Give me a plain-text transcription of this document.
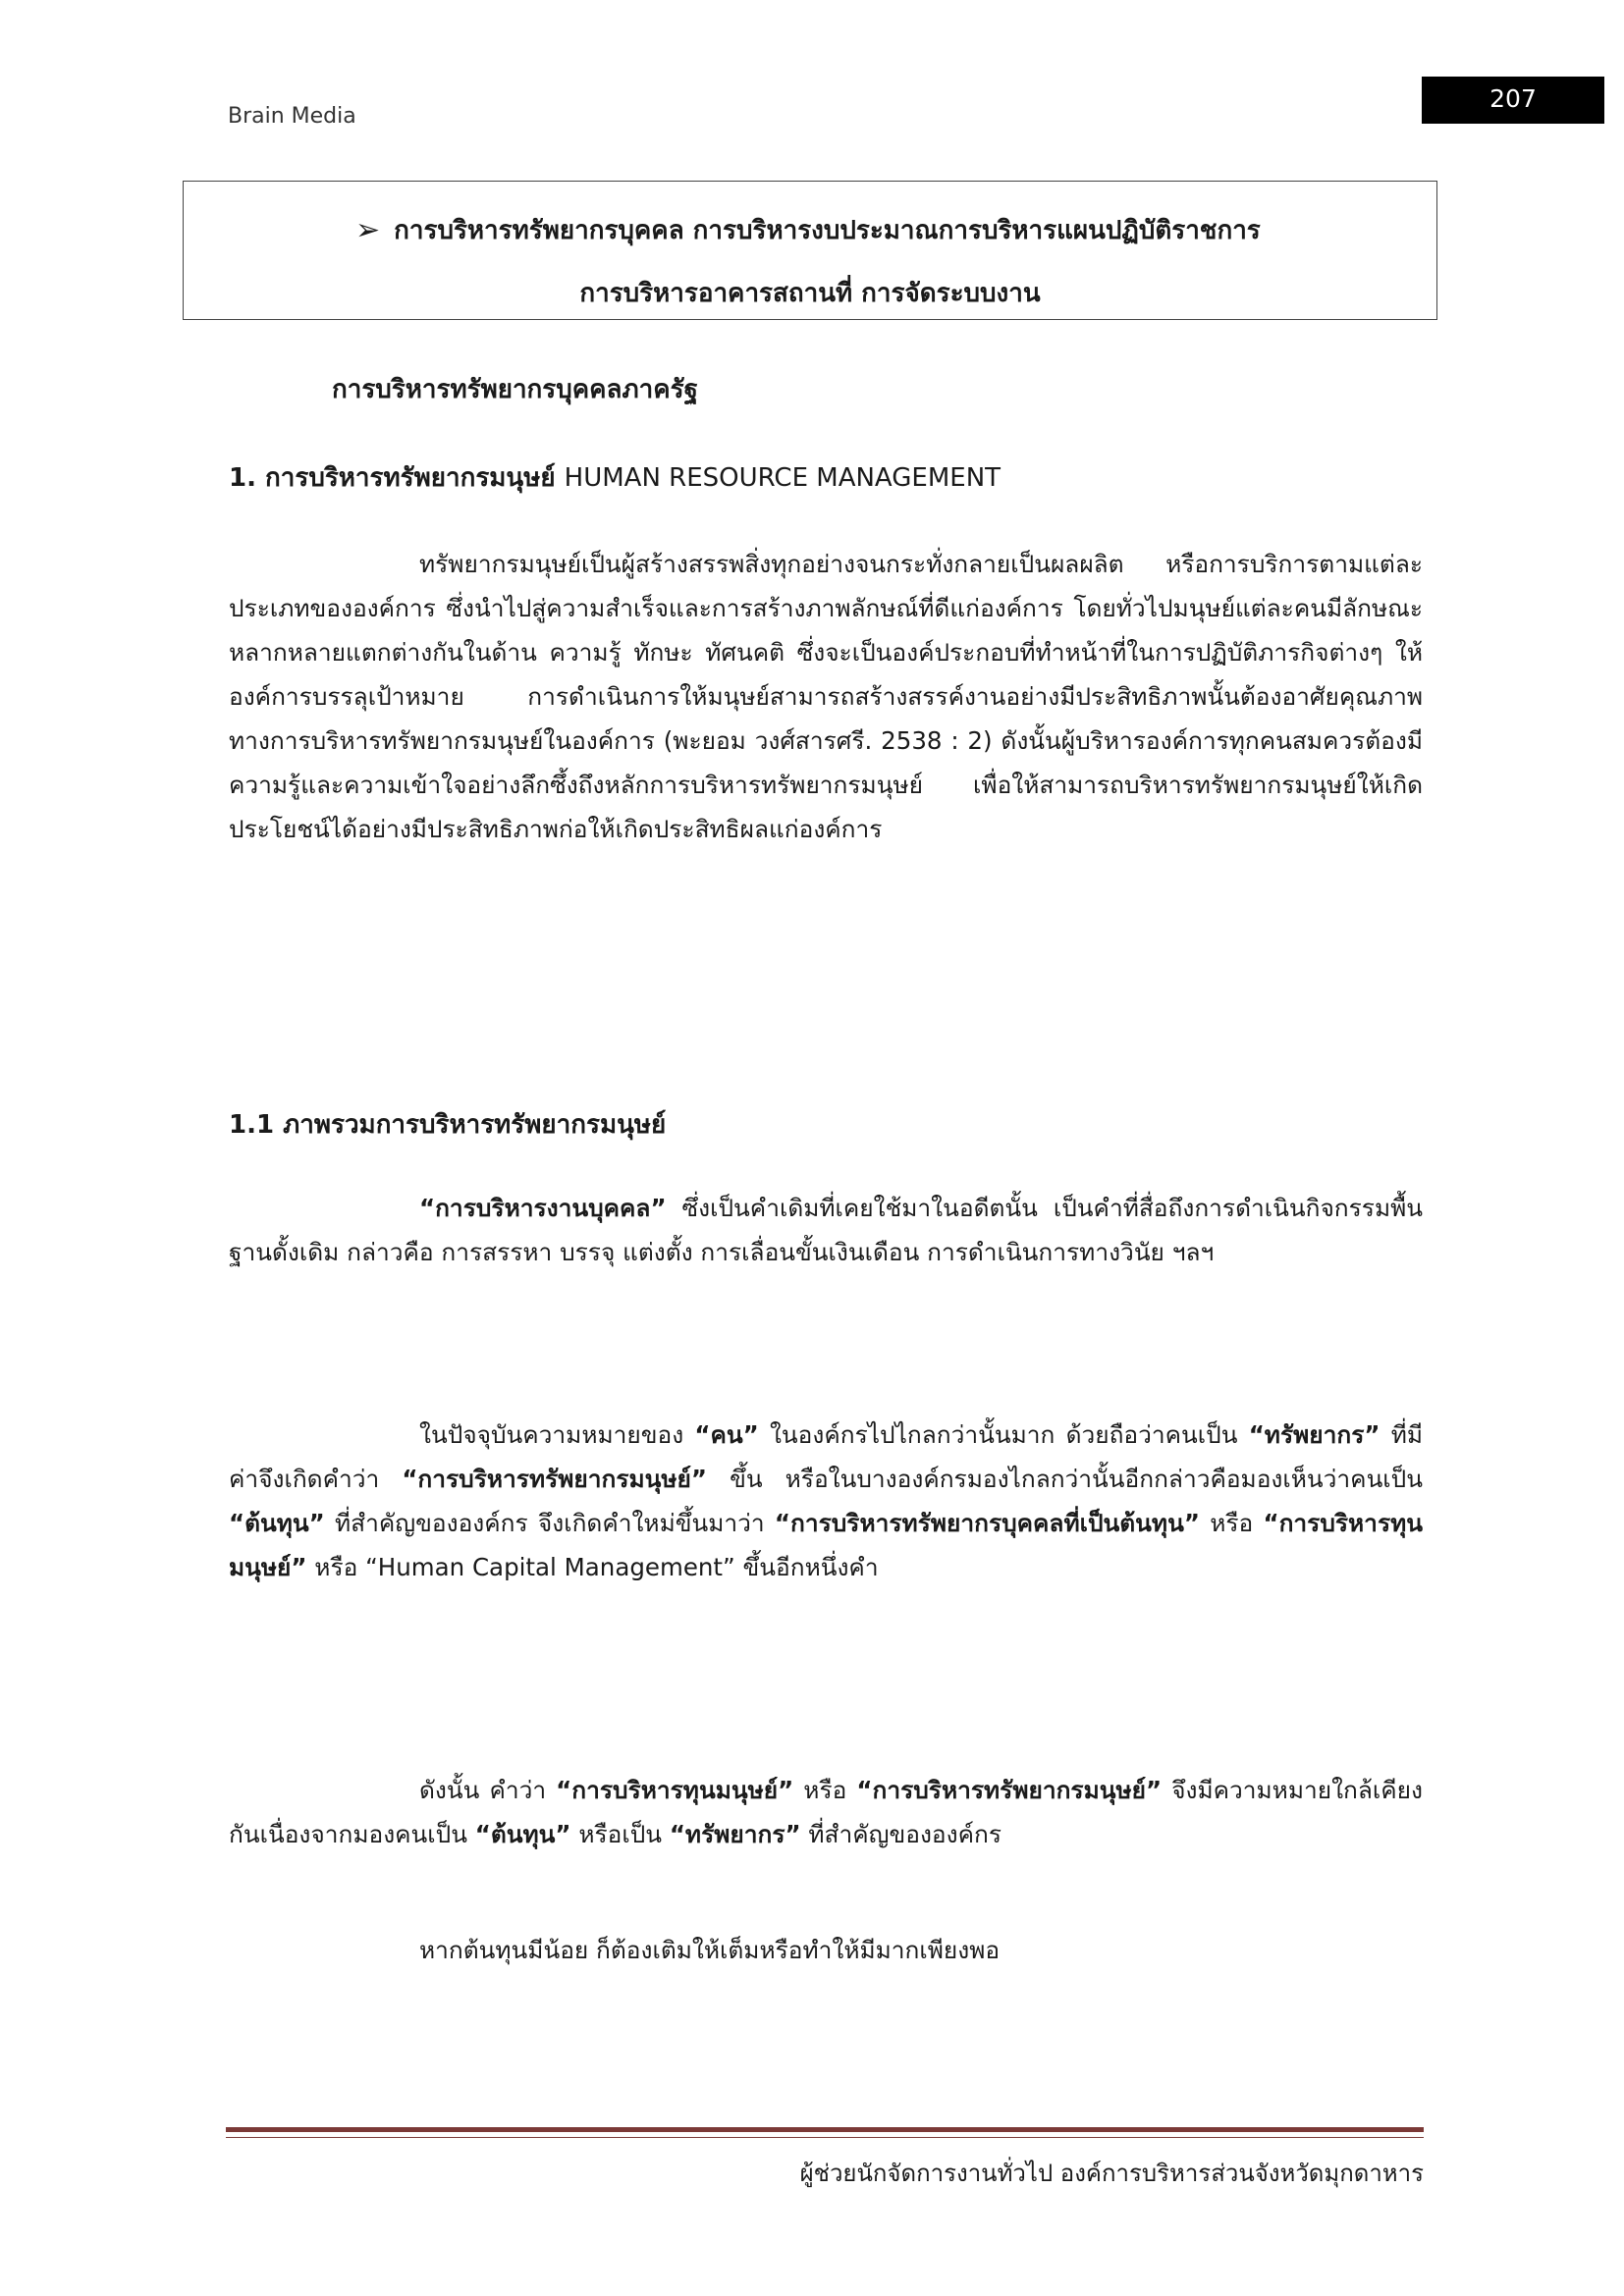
Brain Media
207
➢ การบริหารทรัพยากรบุคคล การบริหารงบประมาณการบริหารแผนปฏิบัติราชการ
การบริหารอาคารสถานที่ การจัดระบบงาน
การบริหารทรัพยากรบุคคลภาครัฐ
1. การบริหารทรัพยากรมนุษย์ HUMAN RESOURCE MANAGEMENT

ทรัพยากรมนุษย์เป็นผู้สร้างสรรพสิ่งทุกอย่างจนกระทั่งกลายเป็นผลผลิต หรือการบริการตามแต่ละประเภทขององค์การ ซึ่งนำไปสู่ความสำเร็จและการสร้างภาพลักษณ์ที่ดีแก่องค์การ โดยทั่วไปมนุษย์แต่ละคนมีลักษณะหลากหลายแตกต่างกันในด้าน ความรู้ ทักษะ ทัศนคติ ซึ่งจะเป็นองค์ประกอบที่ทำหน้าที่ในการปฏิบัติภารกิจต่างๆ ให้องค์การบรรลุเป้าหมาย การดำเนินการให้มนุษย์สามารถสร้างสรรค์งานอย่างมีประสิทธิภาพนั้นต้องอาศัยคุณภาพทางการบริหารทรัพยากรมนุษย์ในองค์การ (พะยอม วงศ์สารศรี. 2538 : 2) ดังนั้นผู้บริหารองค์การทุกคนสมควรต้องมีความรู้และความเข้าใจอย่างลึกซึ้งถึงหลักการบริหารทรัพยากรมนุษย์ เพื่อให้สามารถบริหารทรัพยากรมนุษย์ให้เกิดประโยชน์ได้อย่างมีประสิทธิภาพก่อให้เกิดประสิทธิผลแก่องค์การ

1.1 ภาพรวมการบริหารทรัพยากรมนุษย์

“การบริหารงานบุคคล” ซึ่งเป็นคำเดิมที่เคยใช้มาในอดีตนั้น เป็นคำที่สื่อถึงการดำเนินกิจกรรมพื้นฐานดั้งเดิม กล่าวคือ การสรรหา บรรจุ แต่งตั้ง การเลื่อนขั้นเงินเดือน การดำเนินการทางวินัย ฯลฯ

ในปัจจุบันความหมายของ “คน” ในองค์กรไปไกลกว่านั้นมาก ด้วยถือว่าคนเป็น “ทรัพยากร” ที่มีค่าจึงเกิดคำว่า “การบริหารทรัพยากรมนุษย์” ขึ้น หรือในบางองค์กรมองไกลกว่านั้นอีกกล่าวคือมองเห็นว่าคนเป็น “ต้นทุน” ที่สำคัญขององค์กร จึงเกิดคำใหม่ขึ้นมาว่า “การบริหารทรัพยากรบุคคลที่เป็นต้นทุน” หรือ “การบริหารทุนมนุษย์” หรือ “Human Capital Management” ขึ้นอีกหนึ่งคำ

ดังนั้น คำว่า “การบริหารทุนมนุษย์” หรือ “การบริหารทรัพยากรมนุษย์” จึงมีความหมายใกล้เคียงกันเนื่องจากมองคนเป็น “ต้นทุน” หรือเป็น “ทรัพยากร” ที่สำคัญขององค์กร

หากต้นทุนมีน้อย ก็ต้องเติมให้เต็มหรือทำให้มีมากเพียงพอ

ผู้ช่วยนักจัดการงานทั่วไป องค์การบริหารส่วนจังหวัดมุกดาหาร
